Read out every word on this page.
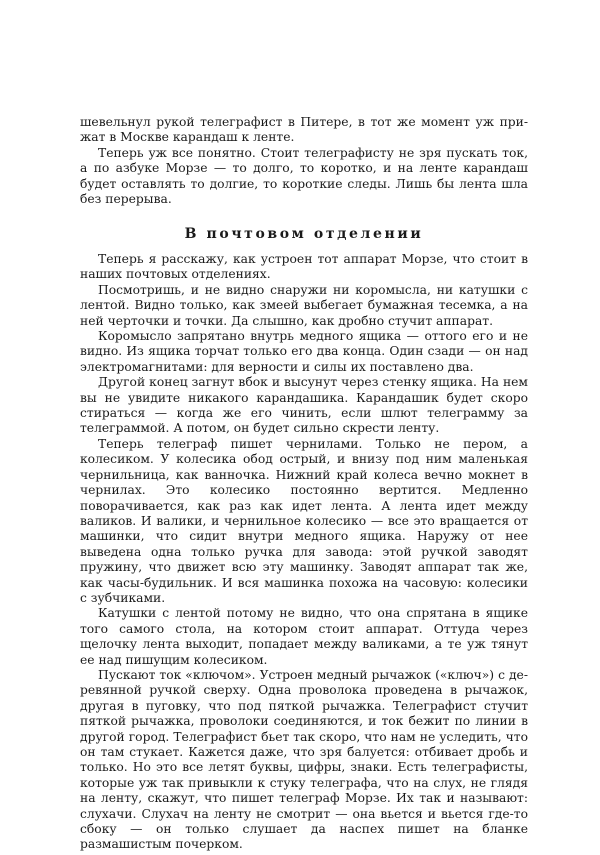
шевельнул рукой телеграфист в Питере, в тот же момент уж прижат в Москве карандаш к ленте.

Теперь уж все понятно. Стоит телеграфисту не зря пускать ток, а по азбуке Морзе — то долго, то коротко, и на ленте карандаш будет оставлять то долгие, то короткие следы. Лишь бы лента шла без перерыва.

В почтовом отделении

Теперь я расскажу, как устроен тот аппарат Морзе, что стоит в наших почтовых отделениях.

Посмотришь, и не видно снаружи ни коромысла, ни катушки с лентой. Видно только, как змеей выбегает бумажная тесемка, а на ней черточки и точки. Да слышно, как дробно стучит аппарат.

Коромысло запрятано внутрь медного ящика — оттого его и не видно. Из ящика торчат только его два конца. Один сзади — он над электромагнитами: для верности и силы их поставлено два.

Другой конец загнут вбок и высунут через стенку ящика. На нем вы не увидите никакого карандашика. Карандашик будет скоро стираться — когда же его чинить, если шлют телеграмму за телеграммой. А потом, он будет сильно скрести ленту.

Теперь телеграф пишет чернилами. Только не пером, а колесиком. У колесика обод острый, и внизу под ним маленькая чернильница, как ванночка. Нижний край колеса вечно мокнет в чернилах. Это колесико постоянно вертится. Медленно поворачивается, как раз как идет лента. А лента идет между валиков. И валики, и чернильное колесико — все это вращается от машинки, что сидит внутри медного ящика. Наружу от нее выведена одна только ручка для завода: этой ручкой заводят пружину, что движет всю эту машинку. Заводят аппарат так же, как часы-будильник. И вся машинка похожа на часовую: колесики с зубчиками.

Катушки с лентой потому не видно, что она спрятана в ящике того самого стола, на котором стоит аппарат. Оттуда через щелочку лента выходит, попадает между валиками, а те уж тянут ее над пишущим колесиком.

Пускают ток «ключом». Устроен медный рычажок («ключ») с деревянной ручкой сверху. Одна проволока проведена в рычажок, другая в пуговку, что под пяткой рычажка. Телеграфист стучит пяткой рычажка, проволоки соединяются, и ток бежит по линии в другой город. Телеграфист бьет так скоро, что нам не уследить, что он там стукает. Кажется даже, что зря балуется: отбивает дробь и только. Но это все летят буквы, цифры, знаки. Есть телеграфисты, которые уж так привыкли к стуку телеграфа, что на слух, не глядя на ленту, скажут, что пишет телеграф Морзе. Их так и называют: слухачи. Слухач на ленту не смотрит — она вьется и вьется где-то сбоку — он только слушает да наспех пишет на бланке размашистым почерком.
